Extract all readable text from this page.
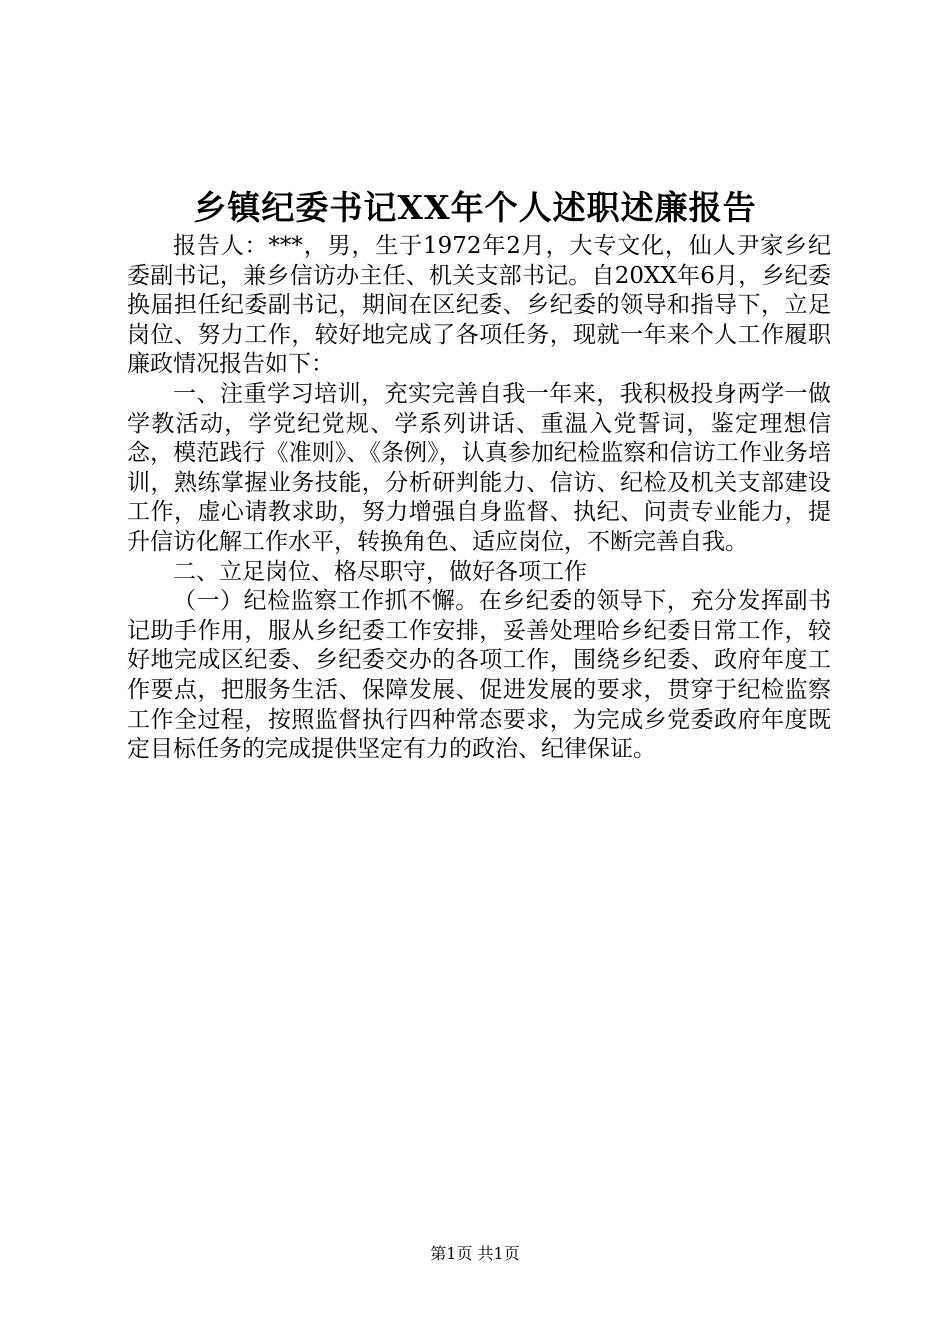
乡镇纪委书记XX年个人述职述廉报告

报告人：***，男，生于1972年2月，大专文化，仙人尹家乡纪委副书记，兼乡信访办主任、机关支部书记。自20XX年6月，乡纪委换届担任纪委副书记，期间在区纪委、乡纪委的领导和指导下，立足岗位、努力工作，较好地完成了各项任务，现就一年来个人工作履职廉政情况报告如下：

一、注重学习培训，充实完善自我一年来，我积极投身两学一做学教活动，学党纪党规、学系列讲话、重温入党誓词，鉴定理想信念，模范践行《准则》、《条例》，认真参加纪检监察和信访工作业务培训，熟练掌握业务技能，分析研判能力、信访、纪检及机关支部建设工作，虚心请教求助，努力增强自身监督、执纪、问责专业能力，提升信访化解工作水平，转换角色、适应岗位，不断完善自我。

二、立足岗位、格尽职守，做好各项工作

（一）纪检监察工作抓不懈。在乡纪委的领导下，充分发挥副书记助手作用，服从乡纪委工作安排，妥善处理哈乡纪委日常工作，较好地完成区纪委、乡纪委交办的各项工作，围绕乡纪委、政府年度工作要点，把服务生活、保障发展、促进发展的要求，贯穿于纪检监察工作全过程，按照监督执行四种常态要求，为完成乡党委政府年度既定目标任务的完成提供坚定有力的政治、纪律保证。

第1页 共1页
